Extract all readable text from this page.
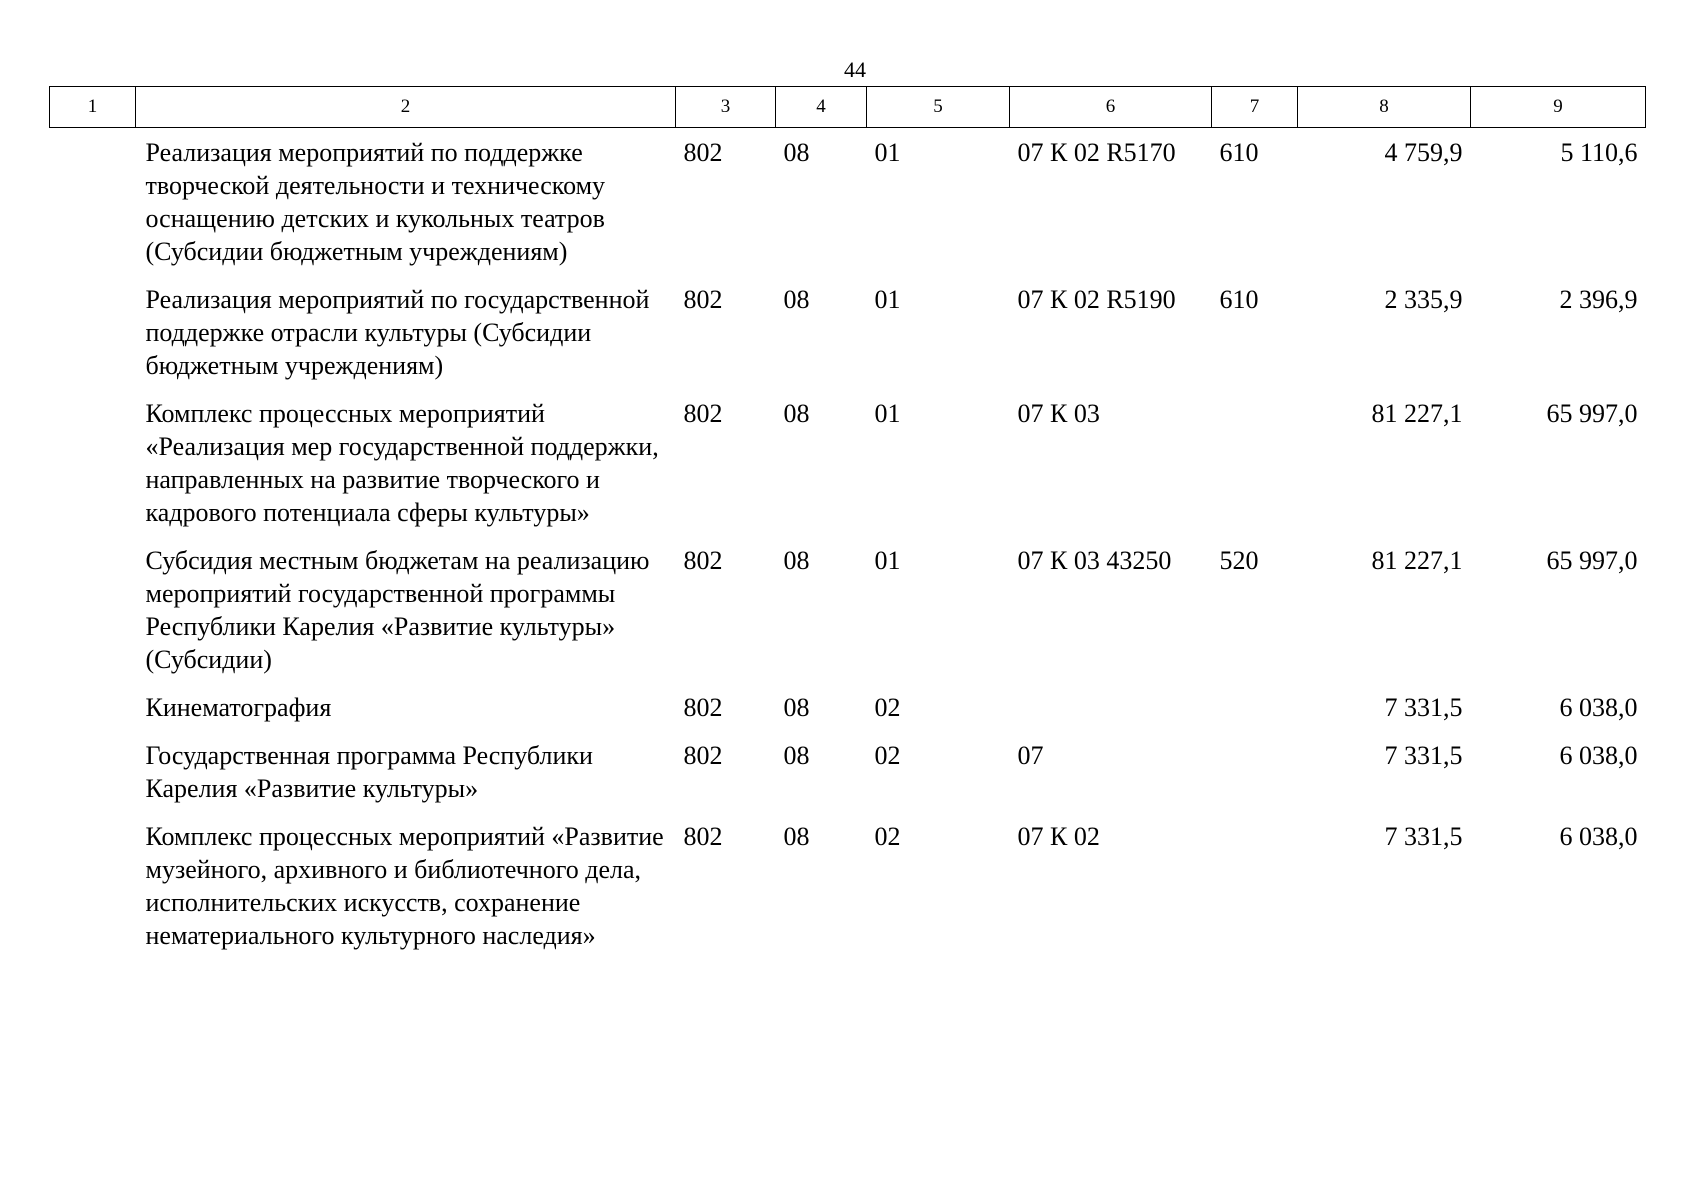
44
1	2	3	4	5	6	7	8	9
	Реализация мероприятий по поддержке творческой деятельности и техническому оснащению детских и кукольных театров (Субсидии бюджетным учреждениям)	802	08	01	07 К 02 R5170	610	4 759,9	5 110,6
	Реализация мероприятий по государственной поддержке отрасли культуры (Субсидии бюджетным учреждениям)	802	08	01	07 К 02 R5190	610	2 335,9	2 396,9
	Комплекс процессных мероприятий «Реализация мер государственной поддержки, направленных на развитие творческого и кадрового потенциала сферы культуры»	802	08	01	07 К 03		81 227,1	65 997,0
	Субсидия местным бюджетам на реализацию мероприятий государственной программы Республики Карелия «Развитие культуры» (Субсидии)	802	08	01	07 К 03 43250	520	81 227,1	65 997,0
	Кинематография	802	08	02			7 331,5	6 038,0
	Государственная программа Республики Карелия «Развитие культуры»	802	08	02	07		7 331,5	6 038,0
	Комплекс процессных мероприятий «Развитие музейного, архивного и библиотечного дела, исполнительских искусств, сохранение нематериального культурного наследия»	802	08	02	07 К 02		7 331,5	6 038,0
